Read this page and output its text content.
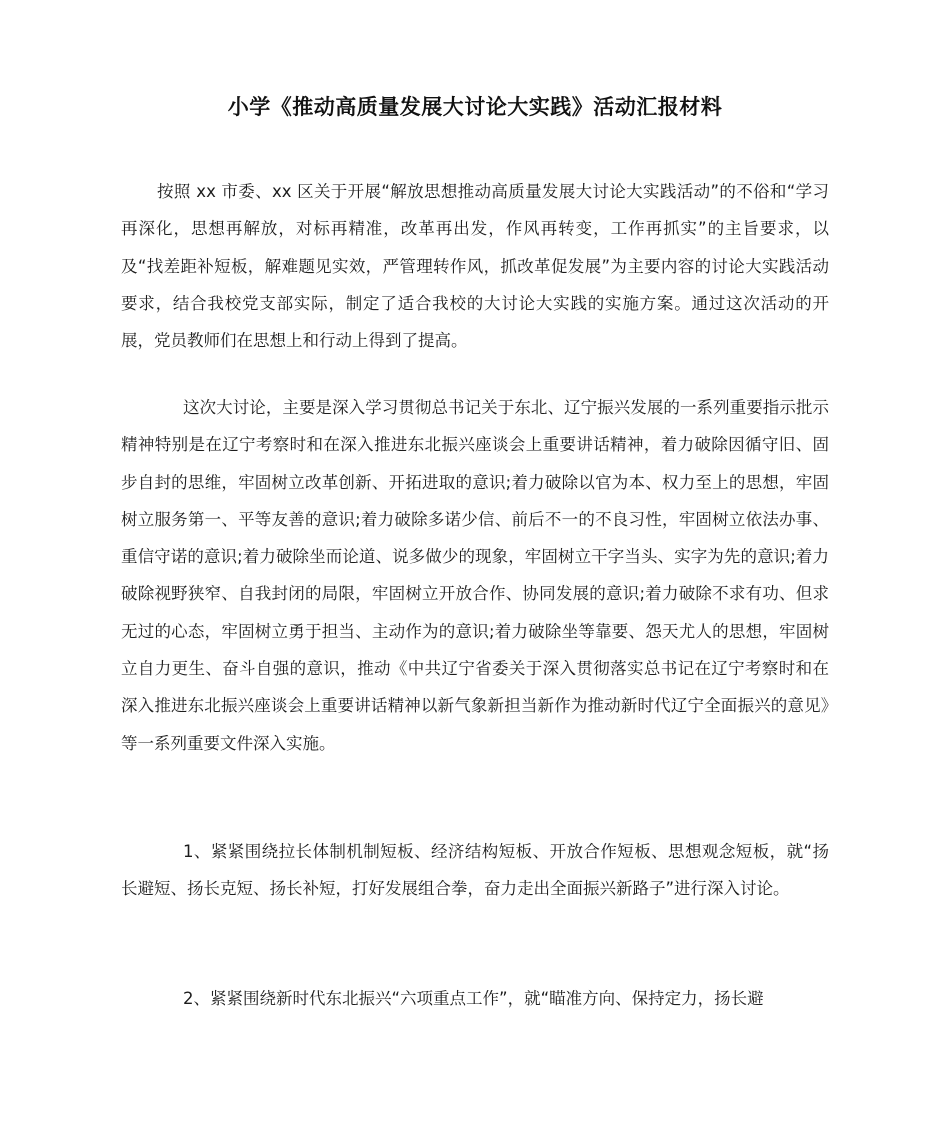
小学《推动高质量发展大讨论大实践》活动汇报材料

按照 xx 市委、xx 区关于开展“解放思想推动高质量发展大讨论大实践活动”的不俗和“学习再深化，思想再解放，对标再精准，改革再出发，作风再转变，工作再抓实”的主旨要求，以及“找差距补短板，解难题见实效，严管理转作风，抓改革促发展”为主要内容的讨论大实践活动要求，结合我校党支部实际，制定了适合我校的大讨论大实践的实施方案。通过这次活动的开展，党员教师们在思想上和行动上得到了提高。

这次大讨论，主要是深入学习贯彻总书记关于东北、辽宁振兴发展的一系列重要指示批示精神特别是在辽宁考察时和在深入推进东北振兴座谈会上重要讲话精神，着力破除因循守旧、固步自封的思维，牢固树立改革创新、开拓进取的意识;着力破除以官为本、权力至上的思想，牢固树立服务第一、平等友善的意识;着力破除多诺少信、前后不一的不良习性，牢固树立依法办事、重信守诺的意识;着力破除坐而论道、说多做少的现象，牢固树立干字当头、实字为先的意识;着力破除视野狭窄、自我封闭的局限，牢固树立开放合作、协同发展的意识;着力破除不求有功、但求无过的心态，牢固树立勇于担当、主动作为的意识;着力破除坐等靠要、怨天尤人的思想，牢固树立自力更生、奋斗自强的意识，推动《中共辽宁省委关于深入贯彻落实总书记在辽宁考察时和在深入推进东北振兴座谈会上重要讲话精神以新气象新担当新作为推动新时代辽宁全面振兴的意见》等一系列重要文件深入实施。

1、紧紧围绕拉长体制机制短板、经济结构短板、开放合作短板、思想观念短板，就“扬长避短、扬长克短、扬长补短，打好发展组合拳，奋力走出全面振兴新路子”进行深入讨论。

2、紧紧围绕新时代东北振兴“六项重点工作”，就“瞄准方向、保持定力，扬长避
